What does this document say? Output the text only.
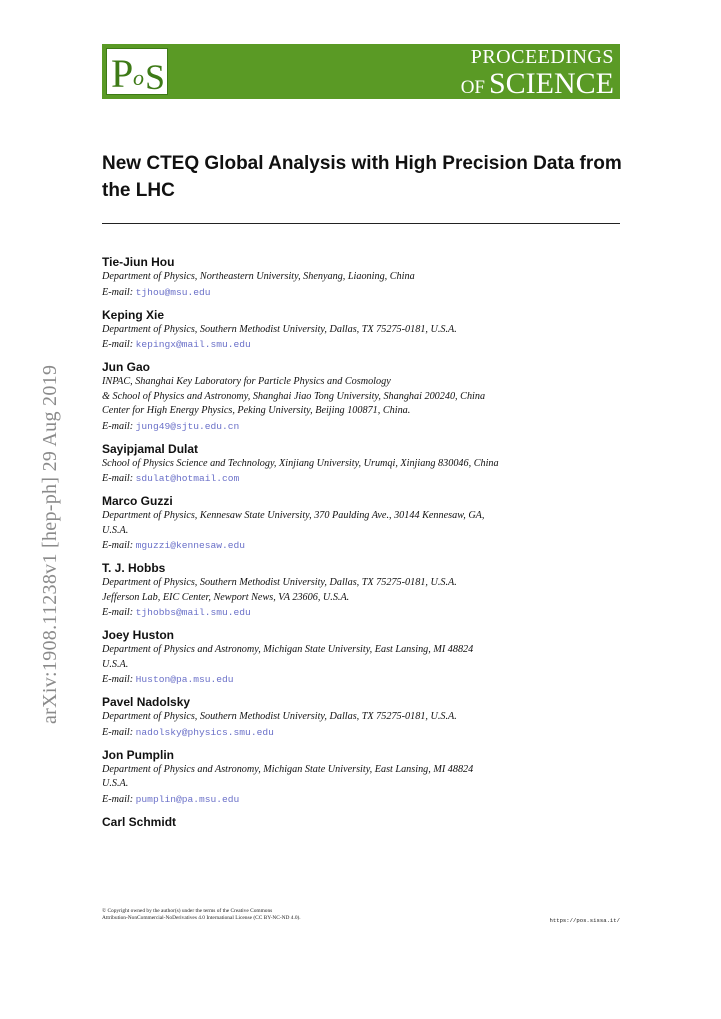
P o S	PROCEEDINGS
OF SCIENCE
arXiv:1908.11238v1 [hep-ph] 29 Aug 2019
New CTEQ Global Analysis with High Precision Data from the LHC
Tie-Jiun Hou
Department of Physics, Northeastern University, Shenyang, Liaoning, China
E-mail: tjhou@msu.edu
Keping Xie
Department of Physics, Southern Methodist University, Dallas, TX 75275-0181, U.S.A.
E-mail: kepingx@mail.smu.edu
Jun Gao
INPAC, Shanghai Key Laboratory for Particle Physics and Cosmology
& School of Physics and Astronomy, Shanghai Jiao Tong University, Shanghai 200240, China
Center for High Energy Physics, Peking University, Beijing 100871, China.
E-mail: jung49@sjtu.edu.cn
Sayipjamal Dulat
School of Physics Science and Technology, Xinjiang University, Urumqi, Xinjiang 830046, China
E-mail: sdulat@hotmail.com
Marco Guzzi
Department of Physics, Kennesaw State University, 370 Paulding Ave., 30144 Kennesaw, GA,
U.S.A.
E-mail: mguzzi@kennesaw.edu
T. J. Hobbs
Department of Physics, Southern Methodist University, Dallas, TX 75275-0181, U.S.A.
Jefferson Lab, EIC Center, Newport News, VA 23606, U.S.A.
E-mail: tjhobbs@mail.smu.edu
Joey Huston
Department of Physics and Astronomy, Michigan State University, East Lansing, MI 48824
U.S.A.
E-mail: Huston@pa.msu.edu
Pavel Nadolsky
Department of Physics, Southern Methodist University, Dallas, TX 75275-0181, U.S.A.
E-mail: nadolsky@physics.smu.edu
Jon Pumplin
Department of Physics and Astronomy, Michigan State University, East Lansing, MI 48824
U.S.A.
E-mail: pumplin@pa.msu.edu
Carl Schmidt
© Copyright owned by the author(s) under the terms of the Creative Commons
Attribution-NonCommercial-NoDerivatives 4.0 International License (CC BY-NC-ND 4.0).	https://pos.sissa.it/
